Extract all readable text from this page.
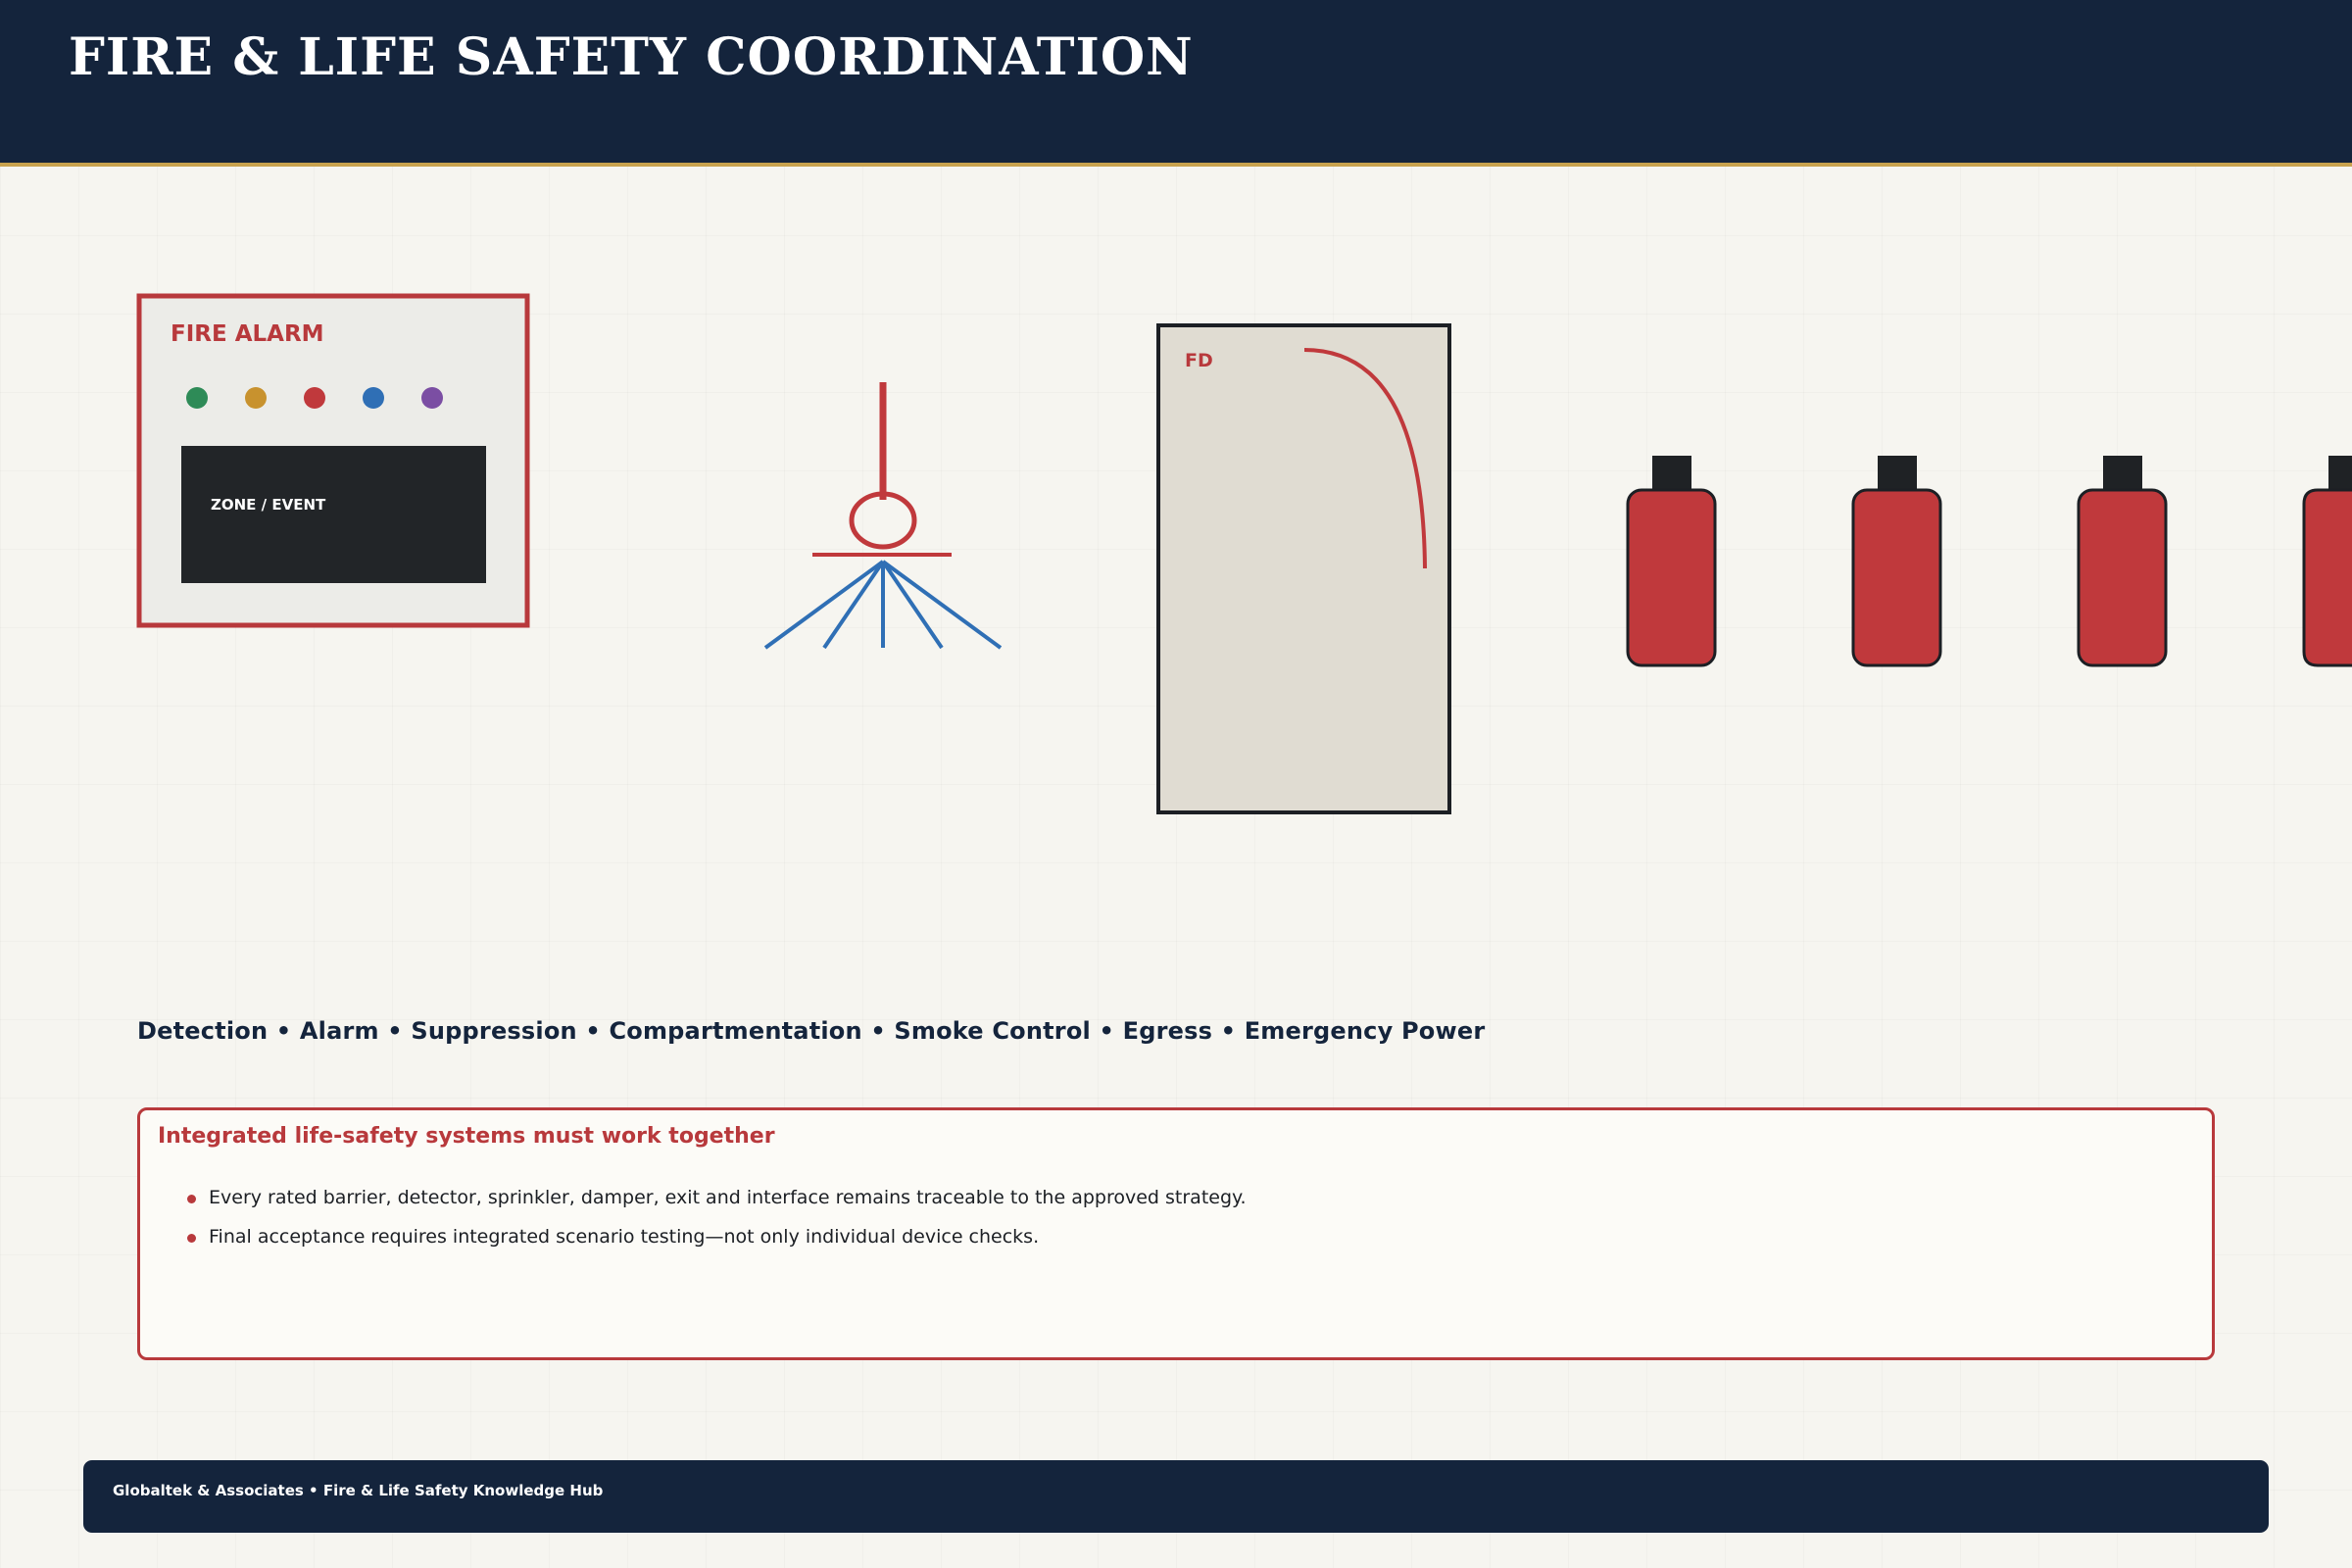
FIRE & LIFE SAFETY COORDINATION
FIRE ALARM
ZONE / EVENT
FD
Detection • Alarm • Suppression • Compartmentation • Smoke Control • Egress • Emergency Power
Integrated life-safety systems must work together
Every rated barrier, detector, sprinkler, damper, exit and interface remains traceable to the approved strategy.
Final acceptance requires integrated scenario testing—not only individual device checks.
Globaltek & Associates • Fire & Life Safety Knowledge Hub
